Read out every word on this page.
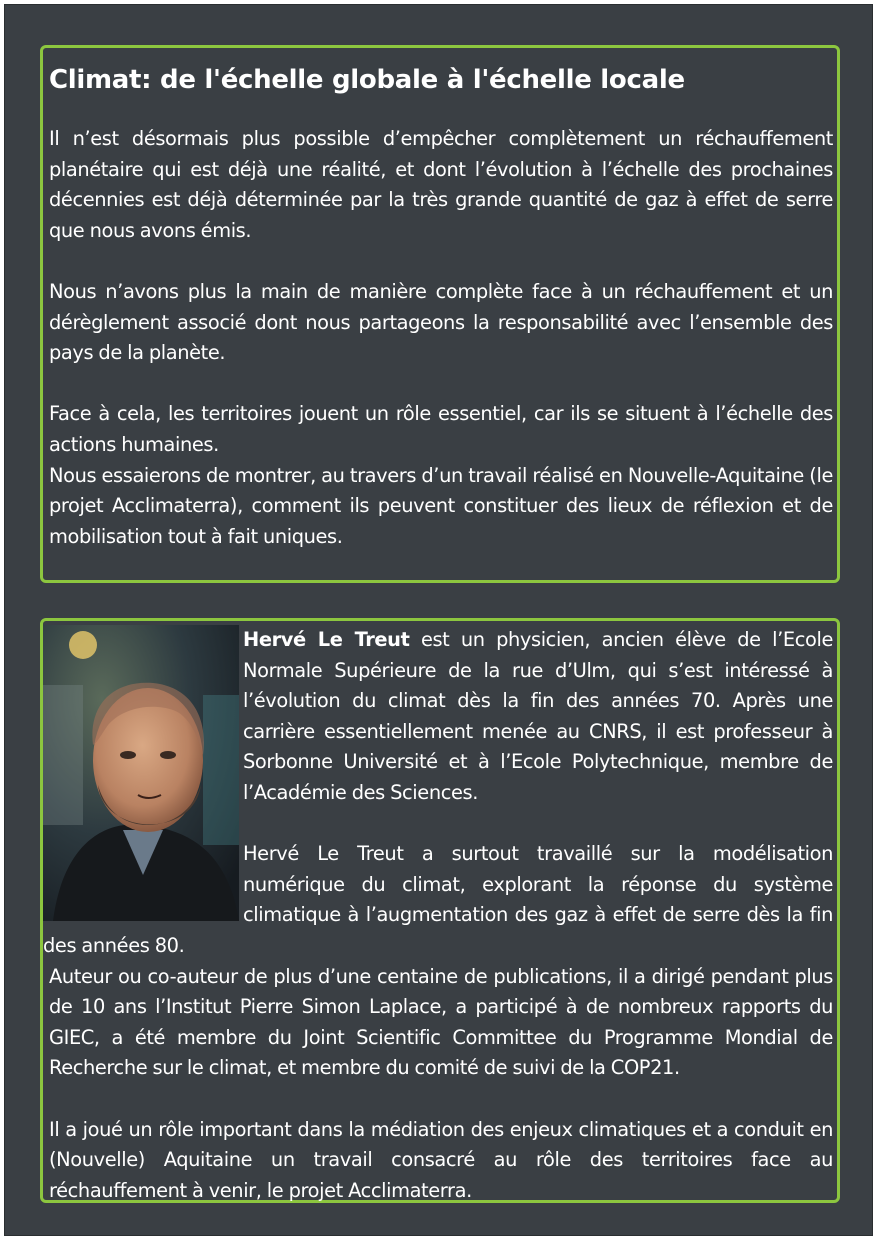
Climat: de l'échelle globale à l'échelle locale

Il n’est désormais plus possible d’empêcher complètement un réchauffement planétaire qui est déjà une réalité, et dont l’évolution à l’échelle des prochaines décennies est déjà déterminée par la très grande quantité de gaz à effet de serre que nous avons émis.

Nous n’avons plus la main de manière complète face à un réchauffement et un dérèglement associé dont nous partageons la responsabilité avec l’ensemble des pays de la planète.

Face à cela, les territoires jouent un rôle essentiel, car ils se situent à l’échelle des actions humaines.

Nous essaierons de montrer, au travers d’un travail réalisé en Nouvelle-Aquitaine (le projet Acclimaterra), comment ils peuvent constituer des lieux de réflexion et de mobilisation tout à fait uniques.

Hervé Le Treut est un physicien, ancien élève de l’Ecole Normale Supérieure de la rue d’Ulm, qui s’est intéressé à l’évolution du climat dès la fin des années 70. Après une carrière essentiellement menée au CNRS, il est professeur à Sorbonne Université et à l’Ecole Polytechnique, membre de l’Académie des Sciences.

Hervé Le Treut a surtout travaillé sur la modélisation numérique du climat, explorant la réponse du système climatique à l’augmentation des gaz à effet de serre dès la fin des années 80.

Auteur ou co-auteur de plus d’une centaine de publications, il a dirigé pendant plus de 10 ans l’Institut Pierre Simon Laplace, a participé à de nombreux rapports du GIEC, a été membre du Joint Scientific Committee du Programme Mondial de Recherche sur le climat, et membre du comité de suivi de la COP21.

Il a joué un rôle important dans la médiation des enjeux climatiques et a conduit en (Nouvelle) Aquitaine un travail consacré au rôle des territoires face au réchauffement à venir, le projet Acclimaterra.
